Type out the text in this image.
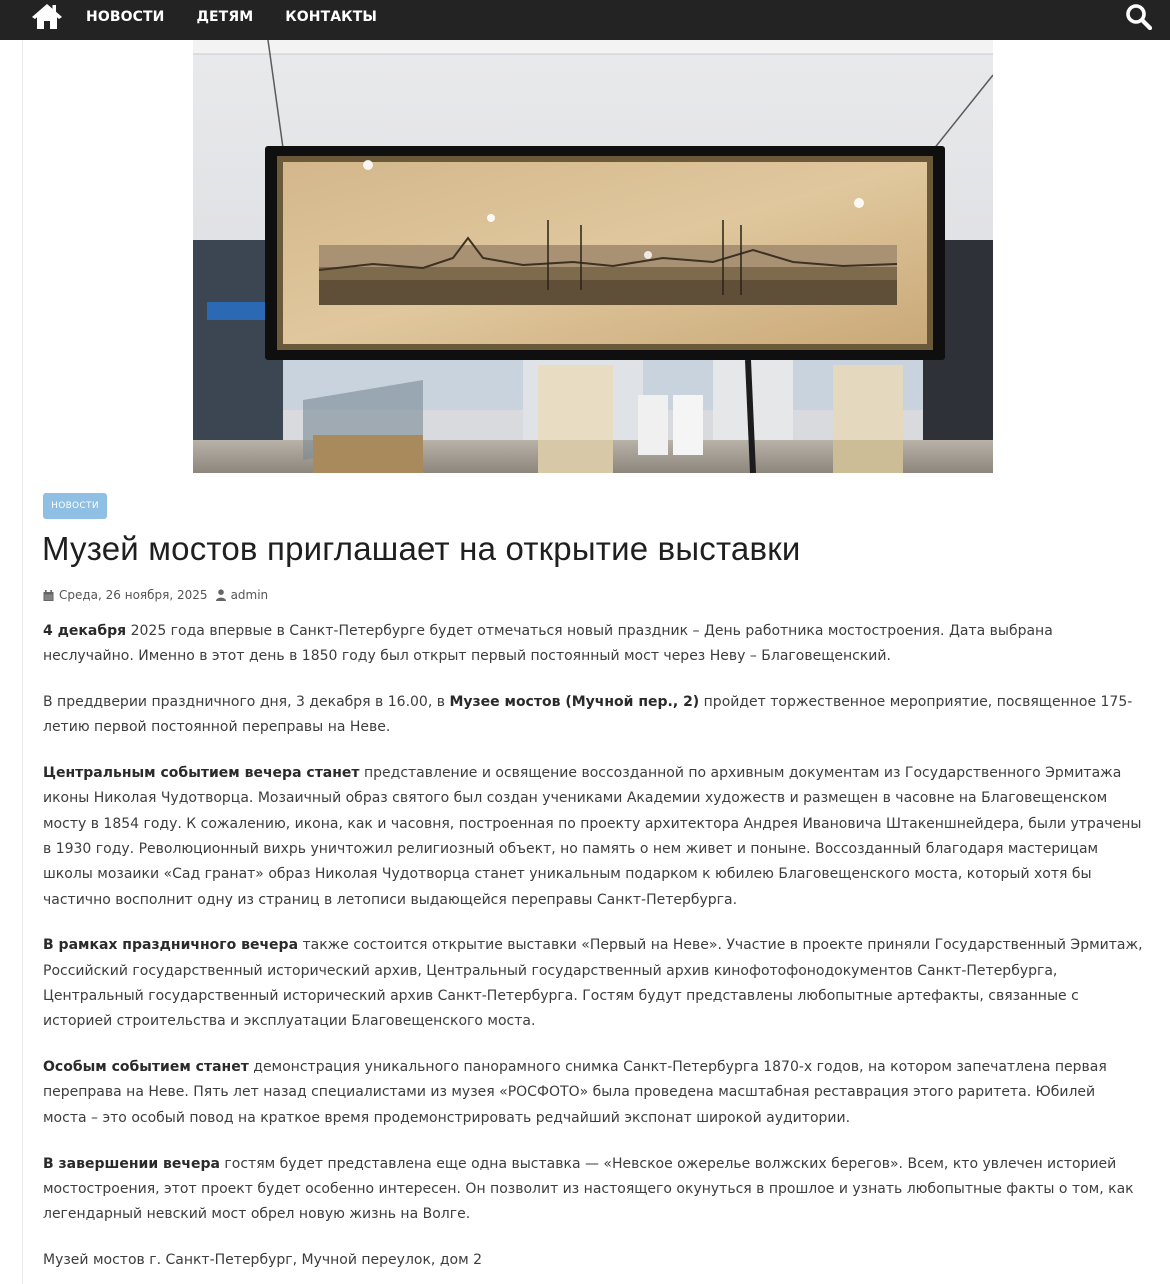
НОВОСТИ ДЕТЯМ КОНТАКТЫ
НОВОСТИ
Музей мостов приглашает на открытие выставки
Среда, 26 ноября, 2025 admin

4 декабря 2025 года впервые в Санкт-Петербурге будет отмечаться новый праздник – День работника мостостроения. Дата выбрана неслучайно. Именно в этот день в 1850 году был открыт первый постоянный мост через Неву – Благовещенский.

В преддверии праздничного дня, 3 декабря в 16.00, в Музее мостов (Мучной пер., 2) пройдет торжественное мероприятие, посвященное 175-летию первой постоянной переправы на Неве.

Центральным событием вечера станет представление и освящение воссозданной по архивным документам из Государственного Эрмитажа иконы Николая Чудотворца. Мозаичный образ святого был создан учениками Академии художеств и размещен в часовне на Благовещенском мосту в 1854 году. К сожалению, икона, как и часовня, построенная по проекту архитектора Андрея Ивановича Штакеншнейдера, были утрачены в 1930 году. Революционный вихрь уничтожил религиозный объект, но память о нем живет и поныне. Воссозданный благодаря мастерицам школы мозаики «Сад гранат» образ Николая Чудотворца станет уникальным подарком к юбилею Благовещенского моста, который хотя бы частично восполнит одну из страниц в летописи выдающейся переправы Санкт-Петербурга.

В рамках праздничного вечера также состоится открытие выставки «Первый на Неве». Участие в проекте приняли Государственный Эрмитаж, Российский государственный исторический архив, Центральный государственный архив кинофотофонодокументов Санкт-Петербурга, Центральный государственный исторический архив Санкт-Петербурга. Гостям будут представлены любопытные артефакты, связанные с историей строительства и эксплуатации Благовещенского моста.

Особым событием станет демонстрация уникального панорамного снимка Санкт-Петербурга 1870-х годов, на котором запечатлена первая переправа на Неве. Пять лет назад специалистами из музея «РОСФОТО» была проведена масштабная реставрация этого раритета. Юбилей моста – это особый повод на краткое время продемонстрировать редчайший экспонат широкой аудитории.

В завершении вечера гостям будет представлена еще одна выставка — «Невское ожерелье волжских берегов». Всем, кто увлечен историей мостостроения, этот проект будет особенно интересен. Он позволит из настоящего окунуться в прошлое и узнать любопытные факты о том, как легендарный невский мост обрел новую жизнь на Волге.

Музей мостов г. Санкт-Петербург, Мучной переулок, дом 2
